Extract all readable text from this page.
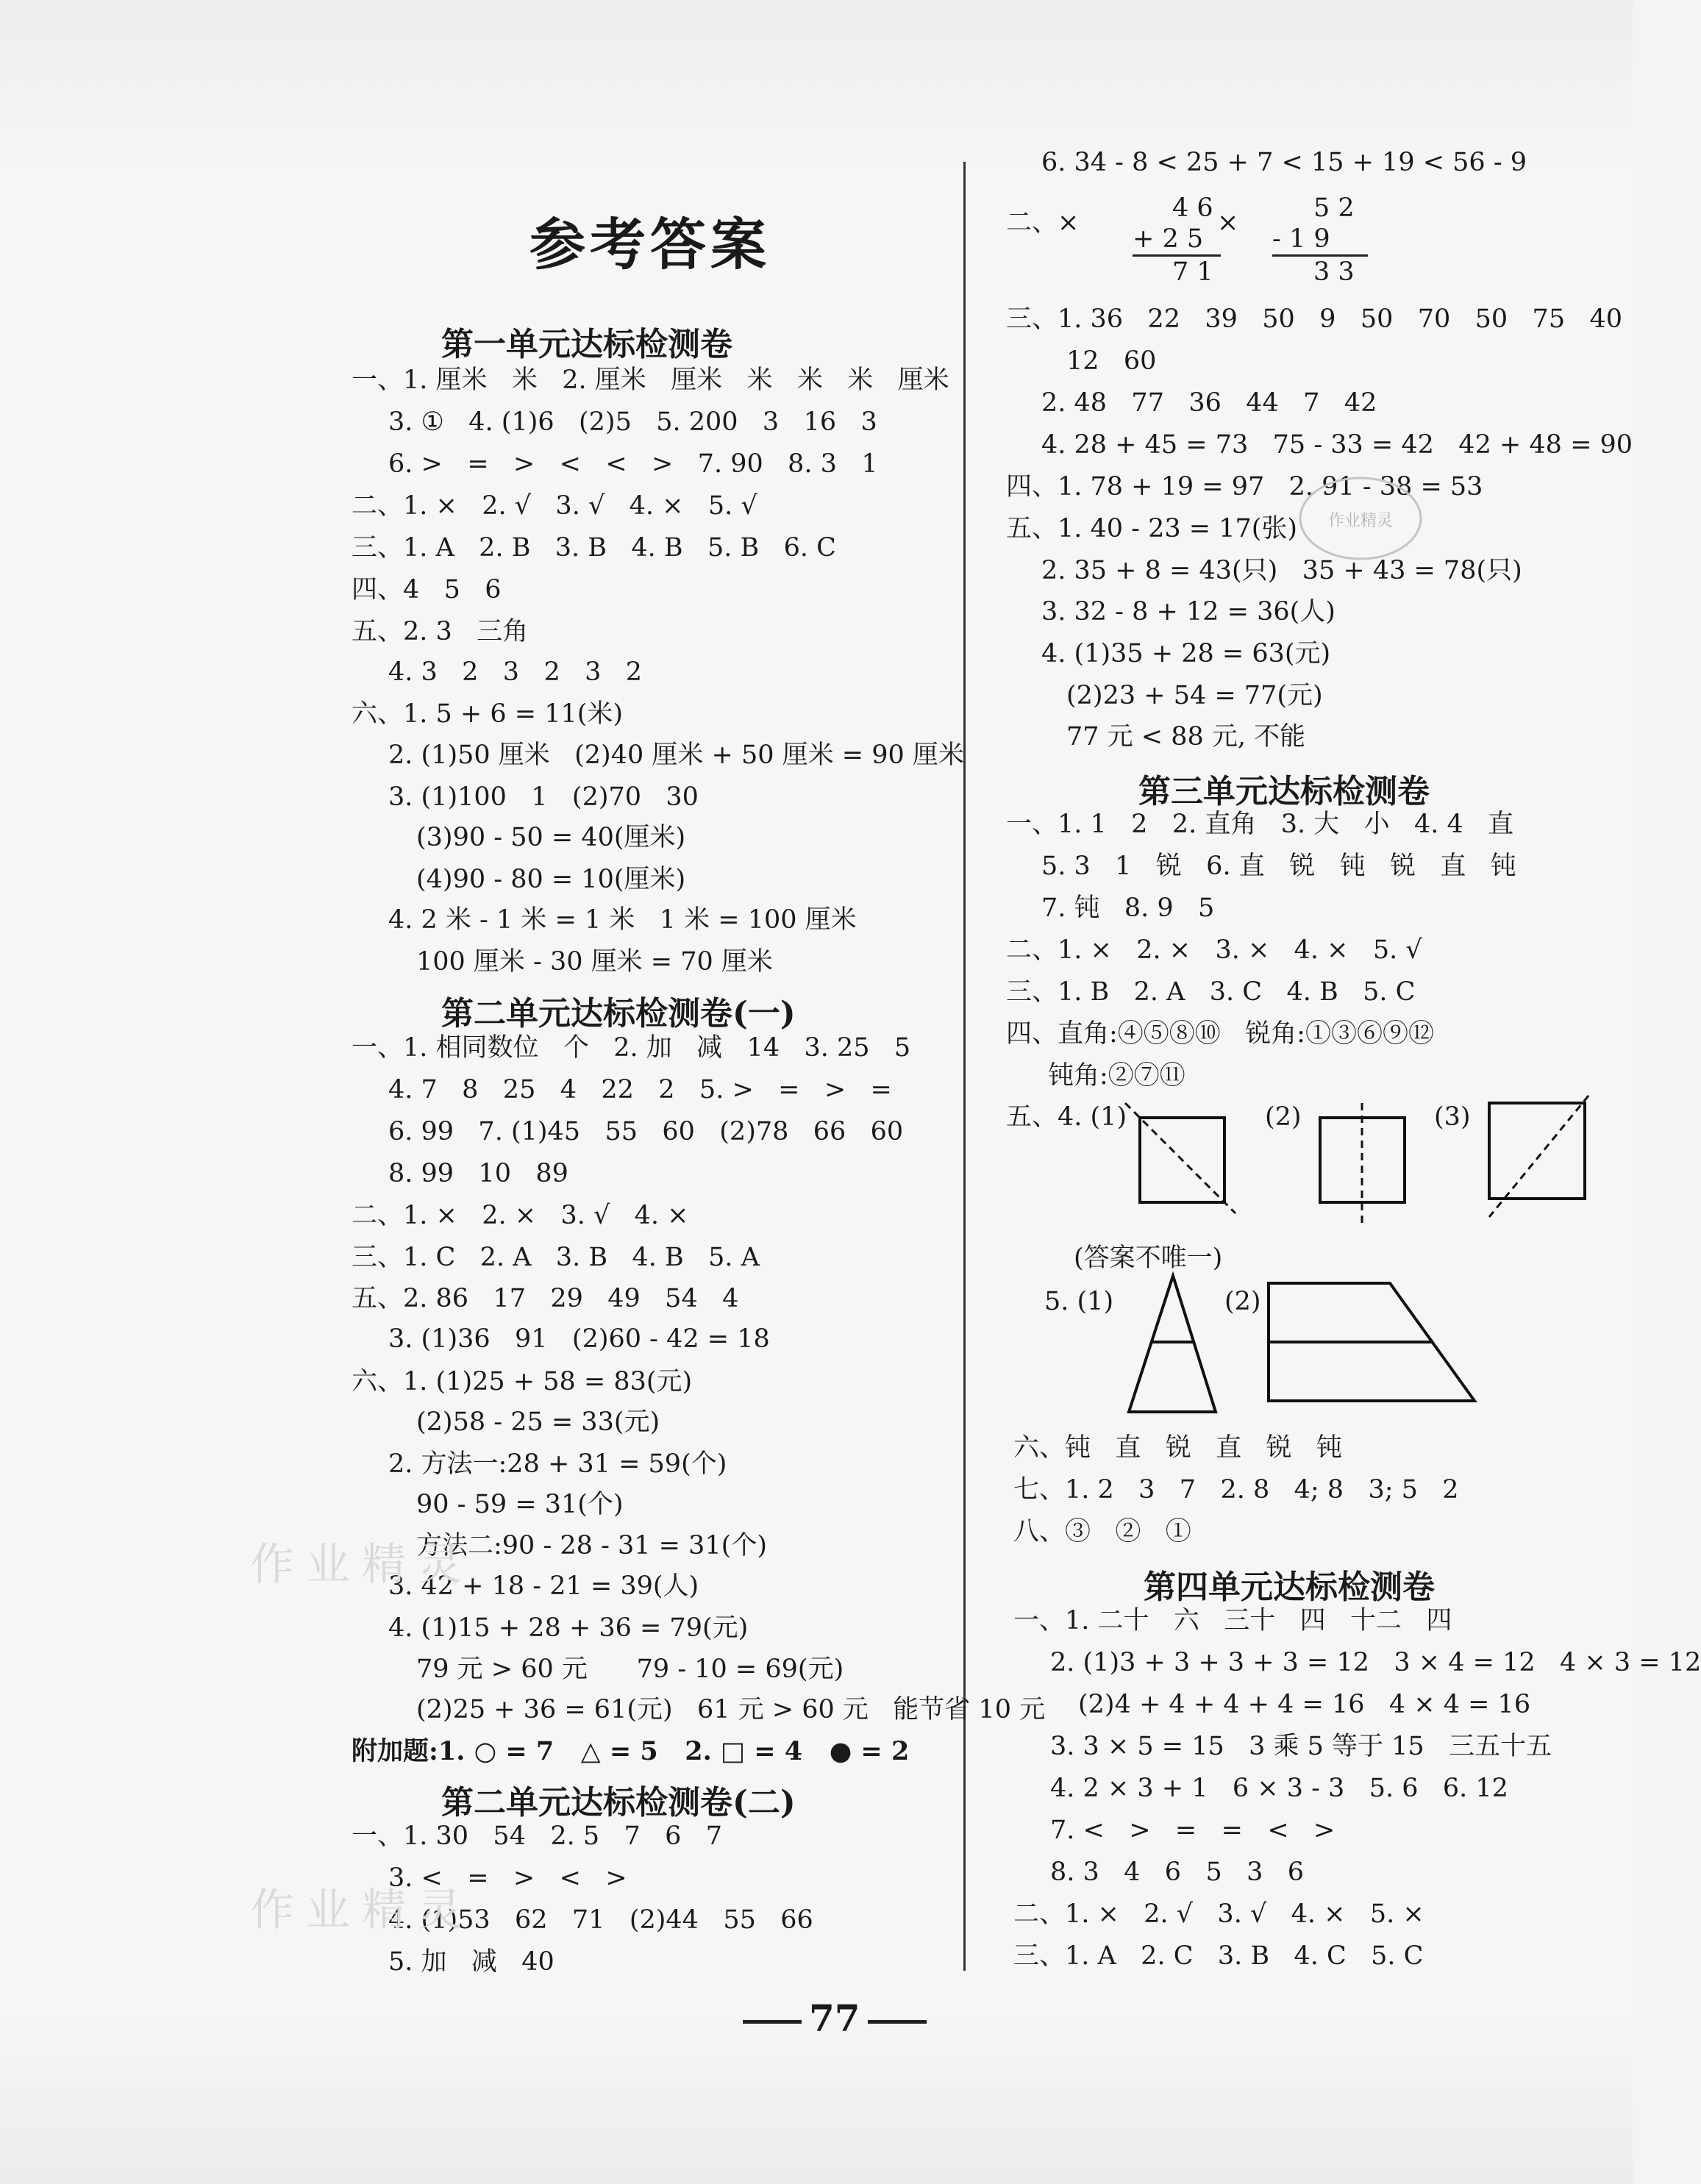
参考答案
第一单元达标检测卷
一、1. 厘米   米   2. 厘米   厘米   米   米   米   厘米
3. ①   4. (1)6   (2)5   5. 200   3   16   3
6. >   =   >   <   <   >   7. 90   8. 3   1
二、1. ×   2. √   3. √   4. ×   5. √
三、1. A   2. B   3. B   4. B   5. B   6. C
四、4   5   6
五、2. 3   三角
4. 3   2   3   2   3   2
六、1. 5 + 6 = 11(米)
2. (1)50 厘米   (2)40 厘米 + 50 厘米 = 90 厘米
3. (1)100   1   (2)70   30
(3)90 - 50 = 40(厘米)
(4)90 - 80 = 10(厘米)
4. 2 米 - 1 米 = 1 米   1 米 = 100 厘米
100 厘米 - 30 厘米 = 70 厘米
第二单元达标检测卷(一)
一、1. 相同数位   个   2. 加   减   14   3. 25   5
4. 7   8   25   4   22   2   5. >   =   >   =
6. 99   7. (1)45   55   60   (2)78   66   60
8. 99   10   89
二、1. ×   2. ×   3. √   4. ×
三、1. C   2. A   3. B   4. B   5. A
五、2. 86   17   29   49   54   4
3. (1)36   91   (2)60 - 42 = 18
六、1. (1)25 + 58 = 83(元)
(2)58 - 25 = 33(元)
2. 方法一:28 + 31 = 59(个)
90 - 59 = 31(个)
方法二:90 - 28 - 31 = 31(个)
3. 42 + 18 - 21 = 39(人)
4. (1)15 + 28 + 36 = 79(元)
79 元 > 60 元      79 - 10 = 69(元)
(2)25 + 36 = 61(元)   61 元 > 60 元   能节省 10 元
附加题:1. ○ = 7   △ = 5   2. □ = 4   ● = 2
第二单元达标检测卷(二)
一、1. 30   54   2. 5   7   6   7
3. <   =   >   <   >
4. (1)53   62   71   (2)44   55   66
5. 加   减   40
作业精灵
作业精灵
6. 34 - 8 < 25 + 7 < 15 + 19 < 56 - 9
二、×	×
4 6
+ 2 5
7 1
5 2
- 1 9
3 3
三、1. 36   22   39   50   9   50   70   50   75   40
12   60
2. 48   77   36   44   7   42
4. 28 + 45 = 73   75 - 33 = 42   42 + 48 = 90
四、1. 78 + 19 = 97   2. 91 - 38 = 53
五、1. 40 - 23 = 17(张)
2. 35 + 8 = 43(只)   35 + 43 = 78(只)
3. 32 - 8 + 12 = 36(人)
4. (1)35 + 28 = 63(元)
(2)23 + 54 = 77(元)
77 元 < 88 元, 不能
作业精灵
第三单元达标检测卷
一、1. 1   2   2. 直角   3. 大   小   4. 4   直
5. 3   1   锐   6. 直   锐   钝   锐   直   钝
7. 钝   8. 9   5
二、1. ×   2. ×   3. ×   4. ×   5. √
三、1. B   2. A   3. C   4. B   5. C
四、直角:④⑤⑧⑩   锐角:①③⑥⑨⑫
钝角:②⑦⑪
五、4. (1)	(2)	(3)
(答案不唯一)
5. (1)	(2)
六、钝   直   锐   直   锐   钝
七、1. 2   3   7   2. 8   4; 8   3; 5   2
八、③   ②   ①
第四单元达标检测卷
一、1. 二十   六   三十   四   十二   四
2. (1)3 + 3 + 3 + 3 = 12   3 × 4 = 12   4 × 3 = 12
(2)4 + 4 + 4 + 4 = 16   4 × 4 = 16
3. 3 × 5 = 15   3 乘 5 等于 15   三五十五
4. 2 × 3 + 1   6 × 3 - 3   5. 6   6. 12
7. <   >   =   =   <   >
8. 3   4   6   5   3   6
二、1. ×   2. √   3. √   4. ×   5. ×
三、1. A   2. C   3. B   4. C   5. C
77
